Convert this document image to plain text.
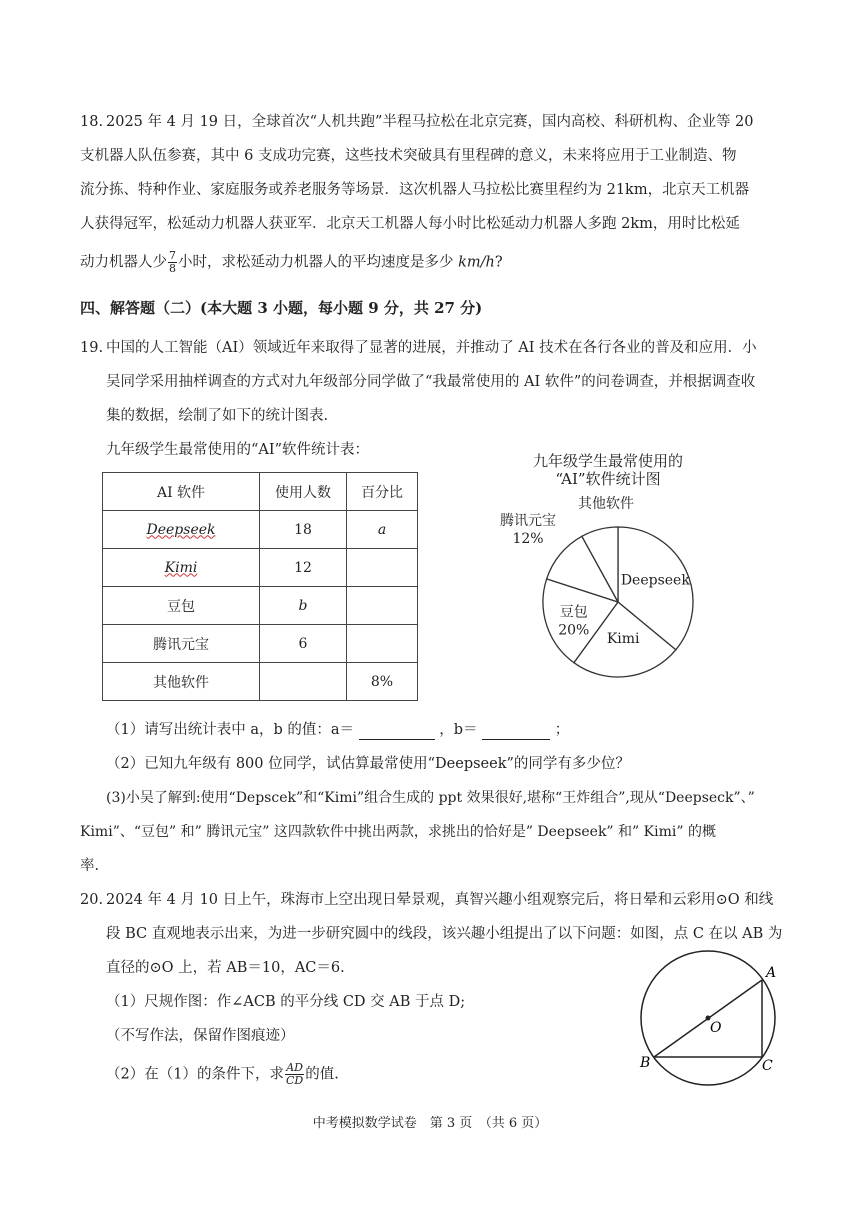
18. 2025 年 4 月 19 日，全球首次“人机共跑”半程马拉松在北京完赛，国内高校、科研机构、企业等 20
支机器人队伍参赛，其中 6 支成功完赛，这些技术突破具有里程碑的意义，未来将应用于工业制造、物
流分拣、特种作业、家庭服务或养老服务等场景．这次机器人马拉松比赛里程约为 21km，北京天工机器
人获得冠军，松延动力机器人获亚军．北京天工机器人每小时比松延动力机器人多跑 2km，用时比松延
动力机器人少 $\frac{7}{8}$ 小时，求松延动力机器人的平均速度是多少 km/h?
四、解答题（二）(本大题 3 小题，每小题 9 分，共 27 分)
19. 中国的人工智能（AI）领域近年来取得了显著的进展，并推动了 AI 技术在各行各业的普及和应用．小
吴同学采用抽样调查的方式对九年级部分同学做了“我最常使用的 AI 软件”的问卷调查，并根据调查收
集的数据，绘制了如下的统计图表.
九年级学生最常使用的“AI”软件统计表：
AI 软件	使用人数	百分比
Deepseek	18	a
Kimi	12	
豆包	b	
腾讯元宝	6	
其他软件		8%
九年级学生最常使用的
“AI”软件统计图
Deepseek
Kimi
豆包
20%
腾讯元宝
12%
其他软件
（1）请写出统计表中 a，b 的值：a＝	，b＝	；
（2）已知九年级有 800 位同学，试估算最常使用“Deepseek”的同学有多少位？
(3)小吴了解到:使用“Depscek”和“Kimi”组合生成的 ppt 效果很好,堪称“王炸组合”,现从“Deepseck”、”
Kimi”、“豆包” 和” 腾讯元宝” 这四款软件中挑出两款，求挑出的恰好是” Deepseek” 和” Kimi” 的概
率.
20. 2024 年 4 月 10 日上午，珠海市上空出现日晕景观，真智兴趣小组观察完后，将日晕和云彩用⊙O 和线
段 BC 直观地表示出来，为进一步研究圆中的线段，该兴趣小组提出了以下问题：如图，点 C 在以 AB 为
直径的⊙O 上，若 AB＝10，AC＝6.
（1）尺规作图：作∠ACB 的平分线 CD 交 AB 于点 D;
（不写作法，保留作图痕迹）
（2）在（1）的条件下，求 $\frac{AD}{CD}$ 的值.
A
B	C
O
中考模拟数学试卷　第 3 页　（共 6 页）
